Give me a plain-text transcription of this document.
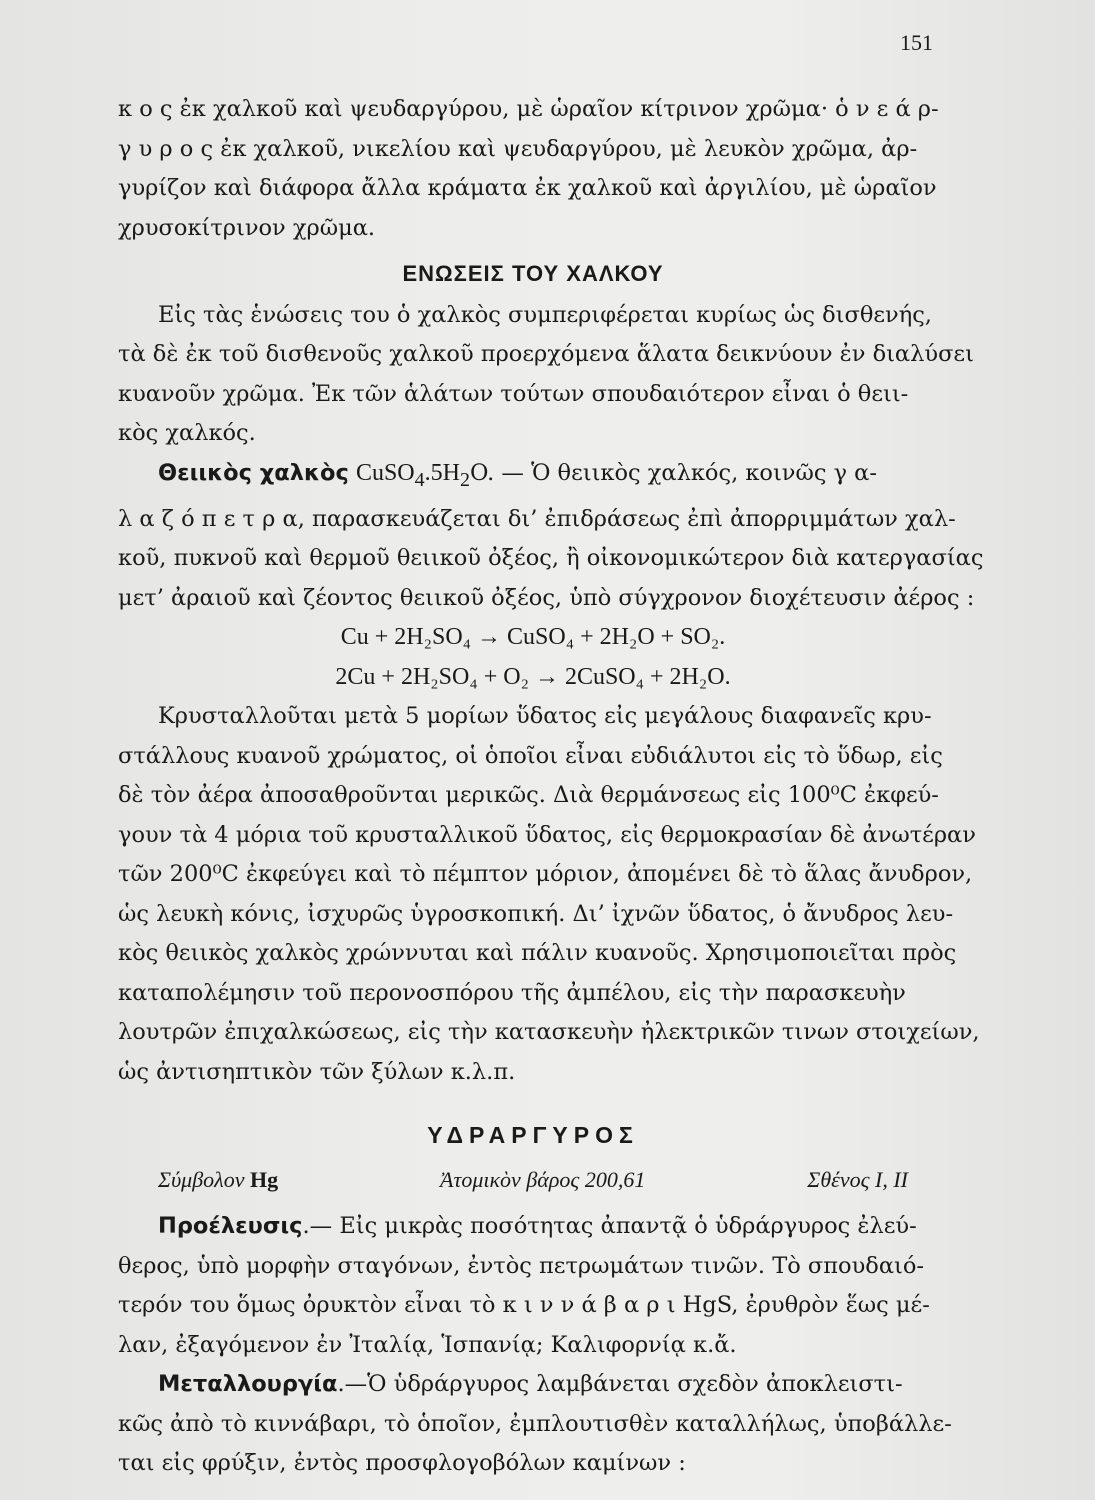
151
κ ο ς ἐκ χαλκοῦ καὶ ψευδαργύρου, μὲ ὡραῖον κίτρινον χρῶμα· ὁ ν ε ά ρ-
γ υ ρ ο ς ἐκ χαλκοῦ, νικελίου καὶ ψευδαργύρου, μὲ λευκὸν χρῶμα, ἀρ-
γυρίζον καὶ διάφορα ἄλλα κράματα ἐκ χαλκοῦ καὶ ἀργιλίου, μὲ ὡραῖον
χρυσοκίτρινον χρῶμα.
ΕΝΩΣΕΙΣ ΤΟΥ ΧΑΛΚΟΥ
Εἰς τὰς ἑνώσεις του ὁ χαλκὸς συμπεριφέρεται κυρίως ὡς δισθενής,
τὰ δὲ ἐκ τοῦ δισθενοῦς χαλκοῦ προερχόμενα ἅλατα δεικνύουν ἐν διαλύσει
κυανοῦν χρῶμα. Ἐκ τῶν ἁλάτων τούτων σπουδαιότερον εἶναι ὁ θειι-
κὸς χαλκός.
Θειικὸς χαλκὸς $CuSO_4.5H_2O$. — Ὁ θειικὸς χαλκός, κοινῶς γ α-
λ α ζ ό π ε τ ρ α, παρασκευάζεται δι’ ἐπιδράσεως ἐπὶ ἀπορριμμάτων χαλ-
κοῦ, πυκνοῦ καὶ θερμοῦ θειικοῦ ὀξέος, ἢ οἰκονομικώτερον διὰ κατεργασίας
μετ’ ἀραιοῦ καὶ ζέοντος θειικοῦ ὀξέος, ὑπὸ σύγχρονον διοχέτευσιν ἀέρος :
Cu + 2H₂SO₄ → CuSO₄ + 2H₂O + SO₂.
2Cu + 2H₂SO₄ + O₂ → 2CuSO₄ + 2H₂O.
Κρυσταλλοῦται μετὰ 5 μορίων ὕδατος εἰς μεγάλους διαφανεῖς κρυ-
στάλλους κυανοῦ χρώματος, οἱ ὁποῖοι εἶναι εὐδιάλυτοι εἰς τὸ ὕδωρ, εἰς
δὲ τὸν ἀέρα ἀποσαθροῦνται μερικῶς. Διὰ θερμάνσεως εἰς 100⁰C ἐκφεύ-
γουν τὰ 4 μόρια τοῦ κρυσταλλικοῦ ὕδατος, εἰς θερμοκρασίαν δὲ ἀνωτέραν
τῶν 200⁰C ἐκφεύγει καὶ τὸ πέμπτον μόριον, ἀπομένει δὲ τὸ ἅλας ἄνυδρον,
ὡς λευκὴ κόνις, ἰσχυρῶς ὑγροσκοπική. Δι’ ἰχνῶν ὕδατος, ὁ ἄνυδρος λευ-
κὸς θειικὸς χαλκὸς χρώννυται καὶ πάλιν κυανοῦς. Χρησιμοποιεῖται πρὸς
καταπολέμησιν τοῦ περονοσπόρου τῆς ἀμπέλου, εἰς τὴν παρασκευὴν
λουτρῶν ἐπιχαλκώσεως, εἰς τὴν κατασκευὴν ἠλεκτρικῶν τινων στοιχείων,
ὡς ἀντισηπτικὸν τῶν ξύλων κ.λ.π.
ΥΔΡΑΡΓΥΡΟΣ
Σύμβολον Hg	Ἀτομικὸν βάρος 200,61	Σθένος I, II
Προέλευσις.— Εἰς μικρὰς ποσότητας ἀπαντᾷ ὁ ὑδράργυρος ἐλεύ-
θερος, ὑπὸ μορφὴν σταγόνων, ἐντὸς πετρωμάτων τινῶν. Τὸ σπουδαιό-
τερόν του ὅμως ὀρυκτὸν εἶναι τὸ κ ι ν ν ά β α ρ ι HgS, ἐρυθρὸν ἕως μέ-
λαν, ἐξαγόμενον ἐν Ἰταλίᾳ, Ἱσπανίᾳ; Καλιφορνίᾳ κ.ἄ.
Μεταλλουργία.—Ὁ ὑδράργυρος λαμβάνεται σχεδὸν ἀποκλειστι-
κῶς ἀπὸ τὸ κιννάβαρι, τὸ ὁποῖον, ἐμπλουτισθὲν καταλλήλως, ὑποβάλλε-
ται εἰς φρύξιν, ἐντὸς προσφλογοβόλων καμίνων :
